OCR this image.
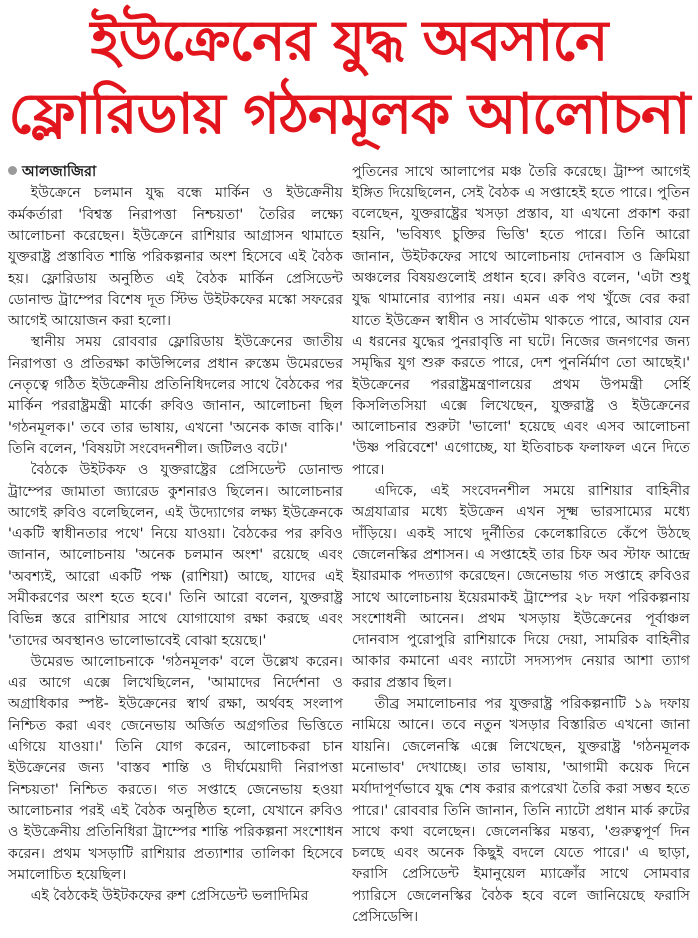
ইউক্রেনের যুদ্ধ অবসানে
ফ্লোরিডায় গঠনমূলক আলোচনা
আলজাজিরা

ইউক্রেনে চলমান যুদ্ধ বন্ধে মার্কিন ও ইউক্রেনীয় কর্মকর্তারা 'বিশ্বস্ত নিরাপত্তা নিশ্চয়তা' তৈরির লক্ষ্যে আলোচনা করেছেন। ইউক্রেনে রাশিয়ার আগ্রাসন থামাতে যুক্তরাষ্ট্র প্রস্তাবিত শান্তি পরিকল্পনার অংশ হিসেবে এই বৈঠক হয়। ফ্লোরিডায় অনুষ্ঠিত এই বৈঠক মার্কিন প্রেসিডেন্ট ডোনাল্ড ট্রাম্পের বিশেষ দূত স্টিভ উইটকফের মস্কো সফরের আগেই আয়োজন করা হলো।

স্থানীয় সময় রোববার ফ্লোরিডায় ইউক্রেনের জাতীয় নিরাপত্তা ও প্রতিরক্ষা কাউন্সিলের প্রধান রুস্তেম উমেরভের নেতৃত্বে গঠিত ইউক্রেনীয় প্রতিনিধিদলের সাথে বৈঠকের পর মার্কিন পররাষ্ট্রমন্ত্রী মার্কো রুবিও জানান, আলোচনা ছিল 'গঠনমূলক।' তবে তার ভাষায়, এখনো 'অনেক কাজ বাকি।' তিনি বলেন, 'বিষয়টা সংবেদনশীল। জটিলও বটে।'

বৈঠকে উইটকফ ও যুক্তরাষ্ট্রের প্রেসিডেন্ট ডোনাল্ড ট্রাম্পের জামাতা জ্যারেড কুশনারও ছিলেন। আলোচনার আগেই রুবিও বলেছিলেন, এই উদ্যোগের লক্ষ্য ইউক্রেনকে 'একটি স্বাধীনতার পথে' নিয়ে যাওয়া। বৈঠকের পর রুবিও জানান, আলোচনায় 'অনেক চলমান অংশ' রয়েছে এবং 'অবশ্যই, আরো একটি পক্ষ (রাশিয়া) আছে, যাদের এই সমীকরণের অংশ হতে হবে।' তিনি আরো বলেন, যুক্তরাষ্ট্র বিভিন্ন স্তরে রাশিয়ার সাথে যোগাযোগ রক্ষা করছে এবং 'তাদের অবস্থানও ভালোভাবেই বোঝা হয়েছে।'

উমেরভ আলোচনাকে 'গঠনমূলক' বলে উল্লেখ করেন। এর আগে এক্সে লিখেছিলেন, 'আমাদের নির্দেশনা ও অগ্রাধিকার স্পষ্ট- ইউক্রেনের স্বার্থ রক্ষা, অর্থবহ সংলাপ নিশ্চিত করা এবং জেনেভায় অর্জিত অগ্রগতির ভিত্তিতে এগিয়ে যাওয়া।' তিনি যোগ করেন, আলোচকরা চান ইউক্রেনের জন্য 'বাস্তব শান্তি ও দীর্ঘমেয়াদী নিরাপত্তা নিশ্চয়তা' নিশ্চিত করতে। গত সপ্তাহে জেনেভায় হওয়া আলোচনার পরই এই বৈঠক অনুষ্ঠিত হলো, যেখানে রুবিও ও ইউক্রেনীয় প্রতিনিধিরা ট্রাম্পের শান্তি পরিকল্পনা সংশোধন করেন। প্রথম খসড়াটি রাশিয়ার প্রত্যাশার তালিকা হিসেবে সমালোচিত হয়েছিল।

এই বৈঠকেই উইটকফের রুশ প্রেসিডেন্ট ভলাদিমির

পুতিনের সাথে আলাপের মঞ্চ তৈরি করেছে। ট্রাম্প আগেই ইঙ্গিত দিয়েছিলেন, সেই বৈঠক এ সপ্তাহেই হতে পারে। পুতিন বলেছেন, যুক্তরাষ্ট্রের খসড়া প্রস্তাব, যা এখনো প্রকাশ করা হয়নি, 'ভবিষ্যৎ চুক্তির ভিত্তি' হতে পারে। তিনি আরো জানান, উইটকফের সাথে আলোচনায় দোনবাস ও ক্রিমিয়া অঞ্চলের বিষয়গুলোই প্রধান হবে। রুবিও বলেন, 'এটা শুধু যুদ্ধ থামানোর ব্যাপার নয়। এমন এক পথ খুঁজে বের করা যাতে ইউক্রেন স্বাধীন ও সার্বভৌম থাকতে পারে, আবার যেন এ ধরনের যুদ্ধের পুনরাবৃত্তি না ঘটে। নিজের জনগণের জন্য সমৃদ্ধির যুগ শুরু করতে পারে, দেশ পুনর্নির্মাণ তো আছেই।' ইউক্রেনের পররাষ্ট্রমন্ত্রণালয়ের প্রথম উপমন্ত্রী সের্হি কিসলিতসিয়া এক্সে লিখেছেন, যুক্তরাষ্ট্র ও ইউক্রেনের আলোচনার শুরুটা 'ভালো' হয়েছে এবং এসব আলোচনা 'উষ্ণ পরিবেশে' এগোচ্ছে, যা ইতিবাচক ফলাফল এনে দিতে পারে।

এদিকে, এই সংবেদনশীল সময়ে রাশিয়ার বাহিনীর অগ্রযাত্রার মধ্যে ইউক্রেন এখন সূক্ষ্ম ভারসাম্যের মধ্যে দাঁড়িয়ে। একই সাথে দুর্নীতির কেলেঙ্কারিতে কেঁপে উঠছে জেলেনস্কির প্রশাসন। এ সপ্তাহেই তার চিফ অব স্টাফ আন্দ্রে ইয়ারমাক পদত্যাগ করেছেন। জেনেভায় গত সপ্তাহে রুবিওর সাথে আলোচনায় ইয়েরমাকই ট্রাম্পের ২৮ দফা পরিকল্পনায় সংশোধনী আনেন। প্রথম খসড়ায় ইউক্রেনের পূর্বাঞ্চল দোনবাস পুরোপুরি রাশিয়াকে দিয়ে দেয়া, সামরিক বাহিনীর আকার কমানো এবং ন্যাটো সদস্যপদ নেয়ার আশা ত্যাগ করার প্রস্তাব ছিল।

তীব্র সমালোচনার পর যুক্তরাষ্ট্র পরিকল্পনাটি ১৯ দফায় নামিয়ে আনে। তবে নতুন খসড়ার বিস্তারিত এখনো জানা যায়নি। জেলেনস্কি এক্সে লিখেছেন, যুক্তরাষ্ট্র 'গঠনমূলক মনোভাব' দেখাচ্ছে। তার ভাষায়, 'আগামী কয়েক দিনে মর্যাদাপূর্ণভাবে যুদ্ধ শেষ করার রূপরেখা তৈরি করা সম্ভব হতে পারে।' রোববার তিনি জানান, তিনি ন্যাটো প্রধান মার্ক রুটের সাথে কথা বলেছেন। জেলেনস্কির মন্তব্য, 'গুরুত্বপূর্ণ দিন চলছে এবং অনেক কিছুই বদলে যেতে পারে।' এ ছাড়া, ফরাসি প্রেসিডেন্ট ইমানুয়েল ম্যাক্রোঁর সাথে সোমবার প্যারিসে জেলেনস্কির বৈঠক হবে বলে জানিয়েছে ফরাসি প্রেসিডেন্সি।
